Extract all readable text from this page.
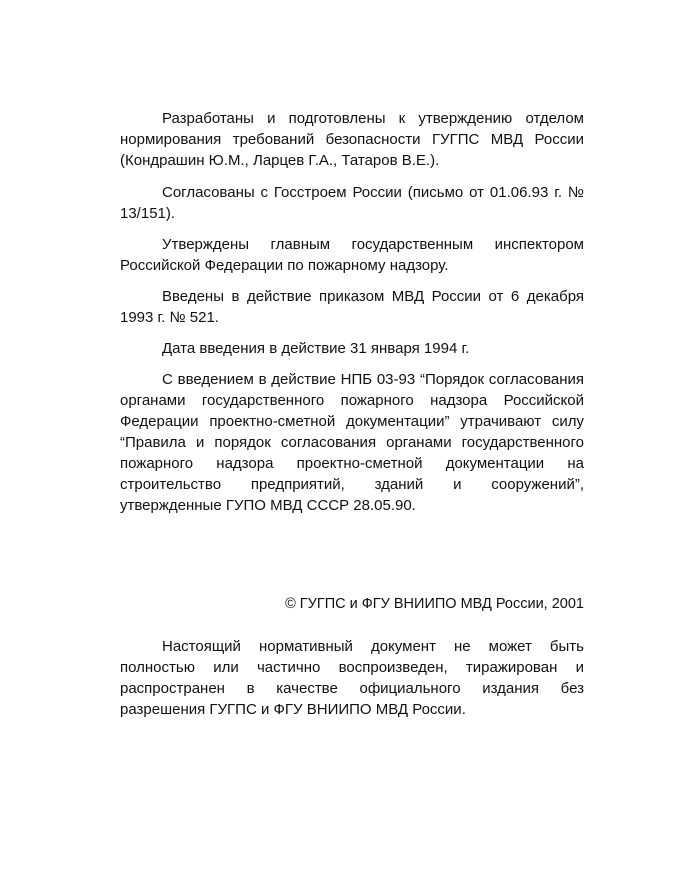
Разработаны и подготовлены к утверждению отделом нормирования требований безопасности ГУГПС МВД России (Кондрашин Ю.М., Ларцев Г.А., Татаров В.Е.).

Согласованы с Госстроем России (письмо от 01.06.93 г. № 13/151).

Утверждены главным государственным инспектором Российской Федерации по пожарному надзору.

Введены в действие приказом МВД России от 6 декабря 1993 г. № 521.

Дата введения в действие 31 января 1994 г.

С введением в действие НПБ 03-93 “Порядок согласования органами государственного пожарного надзора Российской Федерации проектно-сметной документации” утрачивают силу “Правила и порядок согласования органами государственного пожарного надзора проектно-сметной документации на строительство предприятий, зданий и сооружений”, утвержденные ГУПО МВД СССР 28.05.90.

© ГУГПС и ФГУ ВНИИПО МВД России, 2001

Настоящий нормативный документ не может быть полностью или частично воспроизведен, тиражирован и распространен в качестве официального издания без разрешения ГУГПС и ФГУ ВНИИПО МВД России.
